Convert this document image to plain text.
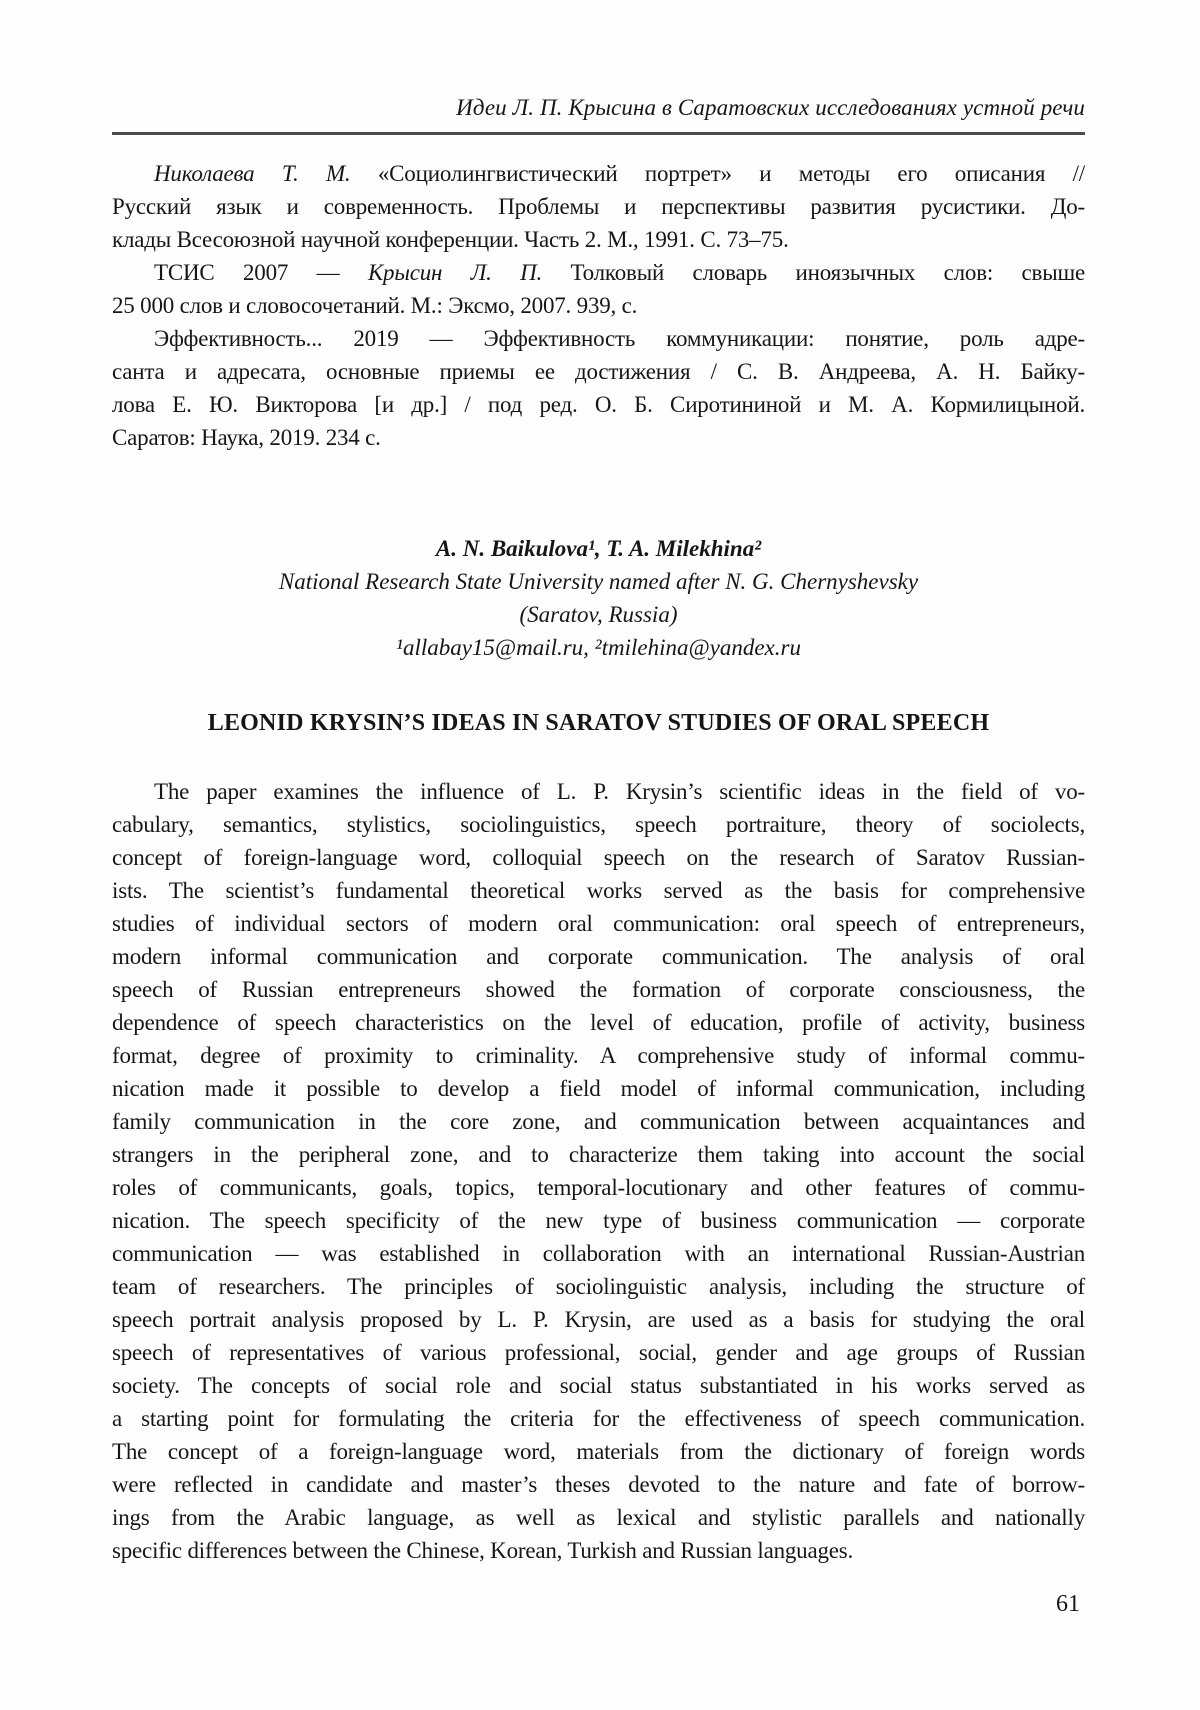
Идеи Л. П. Крысина в Саратовских исследованиях устной речи
Николаева Т. М. «Социолингвистический портрет» и методы его описания //
Русский язык и современность. Проблемы и перспективы развития русистики. До-
клады Всесоюзной научной конференции. Часть 2. М., 1991. С. 73–75.
ТСИС 2007 — Крысин Л. П. Толковый словарь иноязычных слов: свыше
25 000 слов и словосочетаний. М.: Эксмо, 2007. 939, с.
Эффективность... 2019 — Эффективность коммуникации: понятие, роль адре-
санта и адресата, основные приемы ее достижения / С. В. Андреева, А. Н. Байку-
лова Е. Ю. Викторова [и др.] / под ред. О. Б. Сиротининой и М. А. Кормилицыной.
Саратов: Наука, 2019. 234 с.
A. N. Baikulova¹, T. A. Milekhina²
National Research State University named after N. G. Chernyshevsky
(Saratov, Russia)
¹allabay15@mail.ru, ²tmilehina@yandex.ru
LEONID KRYSIN’S IDEAS IN SARATOV STUDIES OF ORAL SPEECH
The paper examines the influence of L. P. Krysin’s scientific ideas in the field of vo-
cabulary, semantics, stylistics, sociolinguistics, speech portraiture, theory of sociolects,
concept of foreign-language word, colloquial speech on the research of Saratov Russian-
ists. The scientist’s fundamental theoretical works served as the basis for comprehensive
studies of individual sectors of modern oral communication: oral speech of entrepreneurs,
modern informal communication and corporate communication. The analysis of oral
speech of Russian entrepreneurs showed the formation of corporate consciousness, the
dependence of speech characteristics on the level of education, profile of activity, business
format, degree of proximity to criminality. A comprehensive study of informal commu-
nication made it possible to develop a field model of informal communication, including
family communication in the core zone, and communication between acquaintances and
strangers in the peripheral zone, and to characterize them taking into account the social
roles of communicants, goals, topics, temporal-locutionary and other features of commu-
nication. The speech specificity of the new type of business communication — corporate
communication — was established in collaboration with an international Russian-Austrian
team of researchers. The principles of sociolinguistic analysis, including the structure of
speech portrait analysis proposed by L. P. Krysin, are used as a basis for studying the oral
speech of representatives of various professional, social, gender and age groups of Russian
society. The concepts of social role and social status substantiated in his works served as
a starting point for formulating the criteria for the effectiveness of speech communication.
The concept of a foreign-language word, materials from the dictionary of foreign words
were reflected in candidate and master’s theses devoted to the nature and fate of borrow-
ings from the Arabic language, as well as lexical and stylistic parallels and nationally
specific differences between the Chinese, Korean, Turkish and Russian languages.
61
